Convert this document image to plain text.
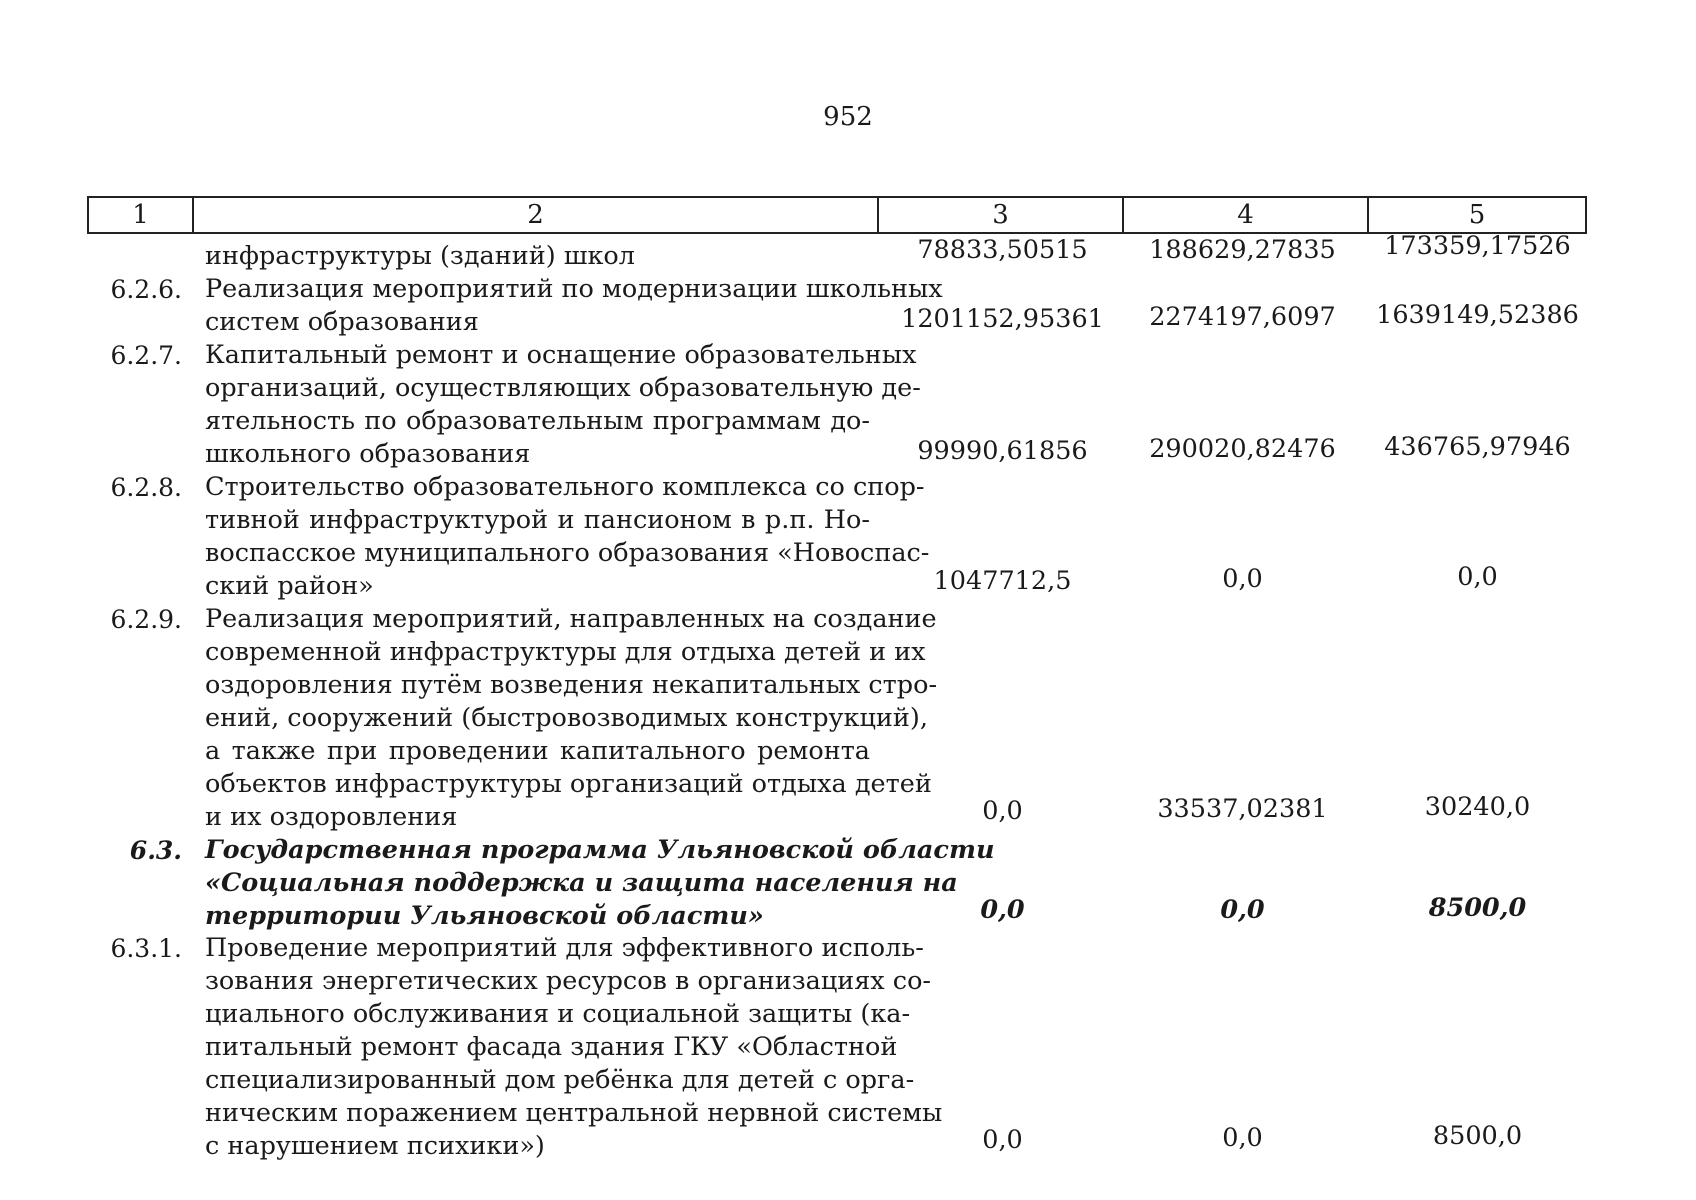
952
1	2	3	4	5
инфраструктуры (зданий) школ	78833,50515	188629,27835	173359,17526
6.2.6. Реализация мероприятий по модернизации школьных
систем образования	1201152,95361	2274197,6097	1639149,52386
6.2.7. Капитальный ремонт и оснащение образовательных
организаций, осуществляющих образовательную де-
ятельность по образовательным программам до-
школьного образования	99990,61856	290020,82476	436765,97946
6.2.8. Строительство образовательного комплекса со спор-
тивной инфраструктурой и пансионом в р.п. Но-
воспасское муниципального образования «Новоспас-
ский район»	1047712,5	0,0	0,0
6.2.9. Реализация мероприятий, направленных на создание
современной инфраструктуры для отдыха детей и их
оздоровления путём возведения некапитальных стро-
ений, сооружений (быстровозводимых конструкций),
а также при проведении капитального ремонта
объектов инфраструктуры организаций отдыха детей
и их оздоровления	0,0	33537,02381	30240,0
6.3. Государственная программа Ульяновской области
«Социальная поддержка и защита населения на
территории Ульяновской области»	0,0	0,0	8500,0
6.3.1. Проведение мероприятий для эффективного исполь-
зования энергетических ресурсов в организациях со-
циального обслуживания и социальной защиты (ка-
питальный ремонт фасада здания ГКУ «Областной
специализированный дом ребёнка для детей с орга-
ническим поражением центральной нервной системы
с нарушением психики»)	0,0	0,0	8500,0
